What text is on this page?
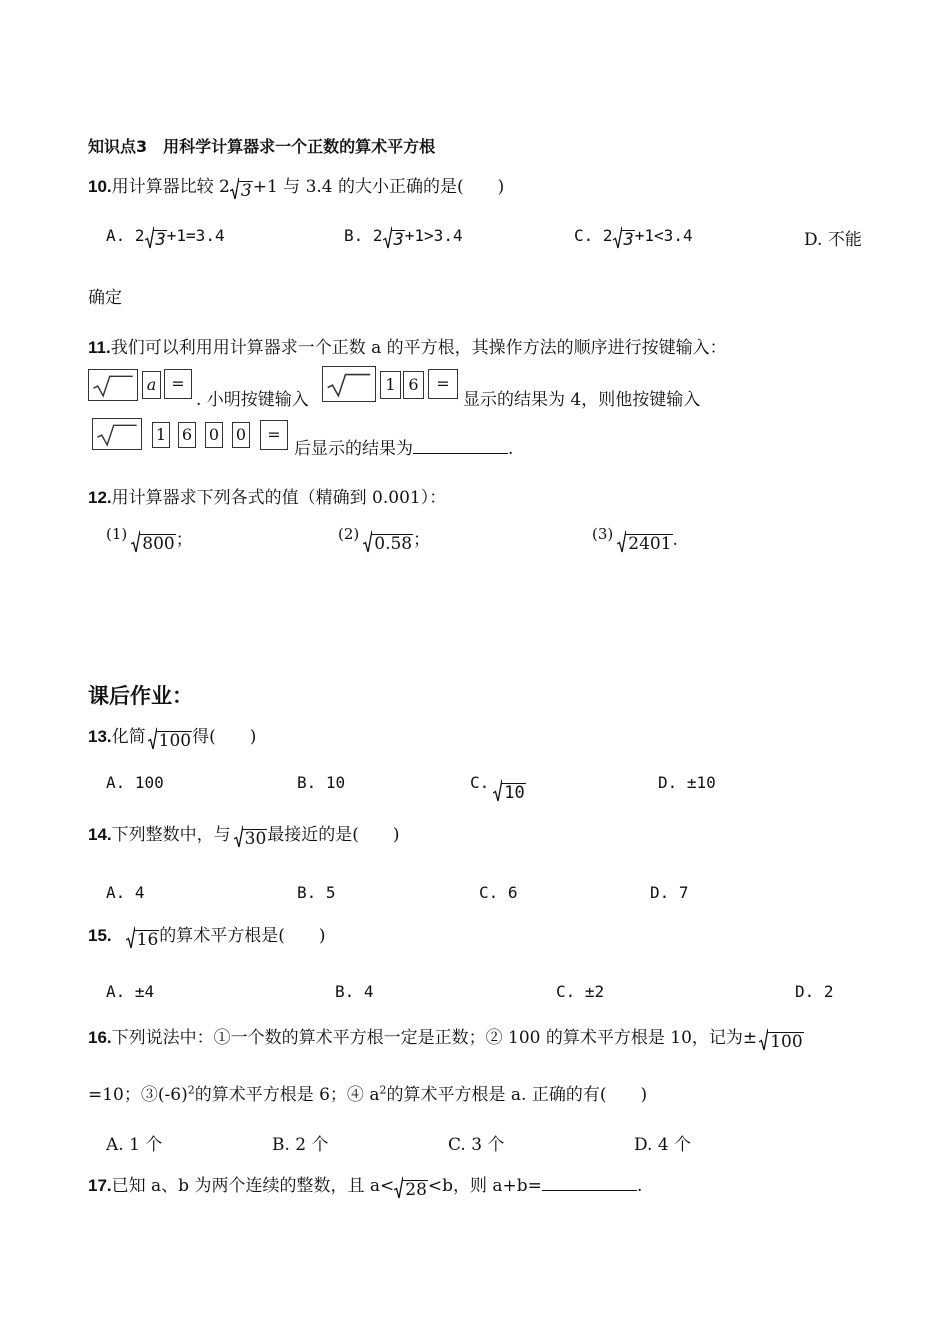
知识点3　用科学计算器求一个正数的算术平方根
10.用计算器比较 2 3+1 与 3.4 的大小正确的是(　　)
A. 2 3+1=3.4	B. 2 3+1>3.4	C. 2 3+1<3.4	D. 不能
确定
11.我们可以利用用计算器求一个正数 a 的平方根，其操作方法的顺序进行按键输入：
a =
. 小明按键输入
1 6	=
显示的结果为 4，则他按键输入
1 6 0 0	=
后显示的结果为	.
12.用计算器求下列各式的值（精确到 0.001）：
(1) 800；	(2) 0.58；	(3) 2401.
课后作业：
13.化简 100得(　　)
A. 100	B. 10	C.10
D. ±10
14.下列整数中，与 30最接近的是(　　)
A. 4	B. 5	C. 6	D. 7
15. 16的算术平方根是(　　)
A. ±4	B. 4	C. ±2	D. 2
16.下列说法中：①一个数的算术平方根一定是正数；② 100 的算术平方根是 10，记为± 100
=10；$③(-6)^2$的算术平方根是 6；④ $a^2$的算术平方根是 a. 正确的有(　　)
A. 1 个	B. 2 个	C. 3 个	D. 4 个
17.已知 a、b 为两个连续的整数，且 a< 28<b，则 a+b=	.
